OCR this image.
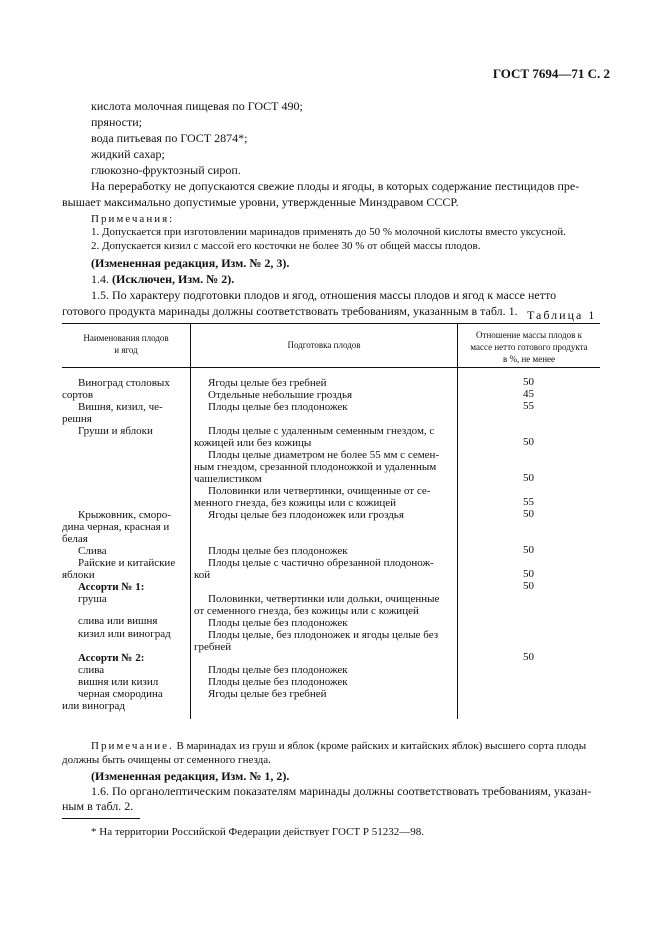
ГОСТ 7694—71 С. 2
кислота молочная пищевая по ГОСТ 490;
пряности;
вода питьевая по ГОСТ 2874*;
жидкий сахар;
глюкозно-фруктозный сироп.
На переработку не допускаются свежие плоды и ягоды, в которых содержание пестицидов пре-
вышает максимально допустимые уровни, утвержденные Минздравом СССР.
Примечания:
1. Допускается при изготовлении маринадов применять до 50 % молочной кислоты вместо уксусной.
2. Допускается кизил с массой его косточки не более 30 % от общей массы плодов.
(Измененная редакция, Изм. № 2, 3).
1.4. (Исключен, Изм. № 2).
1.5. По характеру подготовки плодов и ягод, отношения массы плодов и ягод к массе нетто
готового продукта маринады должны соответствовать требованиям, указанным в табл. 1. Таблица 1
Наименования плодов
и ягод	Подготовка плодов
Отношение массы плодов к
массе нетто готового продукта
в %, не менее
Виноград столовых
сортов
Вишня, кизил, че-
решня
Груши и яблоки
Крыжовник, сморо-
дина черная, красная и
белая
Слива
Райские и китайские
яблоки
Ассорти № 1:
груша
слива или вишня
кизил или виноград
Ассорти № 2:
слива
вишня или кизил
черная смородина
или виноград
Ягоды целые без гребней
Отдельные небольшие гроздья
Плоды целые без плодоножек
Плоды целые с удаленным семенным гнездом, с
кожицей или без кожицы
Плоды целые диаметром не более 55 мм с семен-
ным гнездом, срезанной плодоножкой и удаленным
чашелистиком
Половинки или четвертинки, очищенные от се-
менного гнезда, без кожицы или с кожицей
Ягоды целые без плодоножек или гроздья
Плоды целые без плодоножек
Плоды целые с частично обрезанной плодонож-
кой
Половинки, четвертинки или дольки, очищенные
от семенного гнезда, без кожицы или с кожицей
Плоды целые без плодоножек
Плоды целые, без плодоножек и ягоды целые без
гребней
Плоды целые без плодоножек
Плоды целые без плодоножек
Ягоды целые без гребней
50
45
55
50
50
55
50
50
50
50
50
Примечание. В маринадах из груш и яблок (кроме райских и китайских яблок) высшего сорта плоды
должны быть очищены от семенного гнезда.
(Измененная редакция, Изм. № 1, 2).
1.6. По органолептическим показателям маринады должны соответствовать требованиям, указан-
ным в табл. 2.
* На территории Российской Федерации действует ГОСТ Р 51232—98.
